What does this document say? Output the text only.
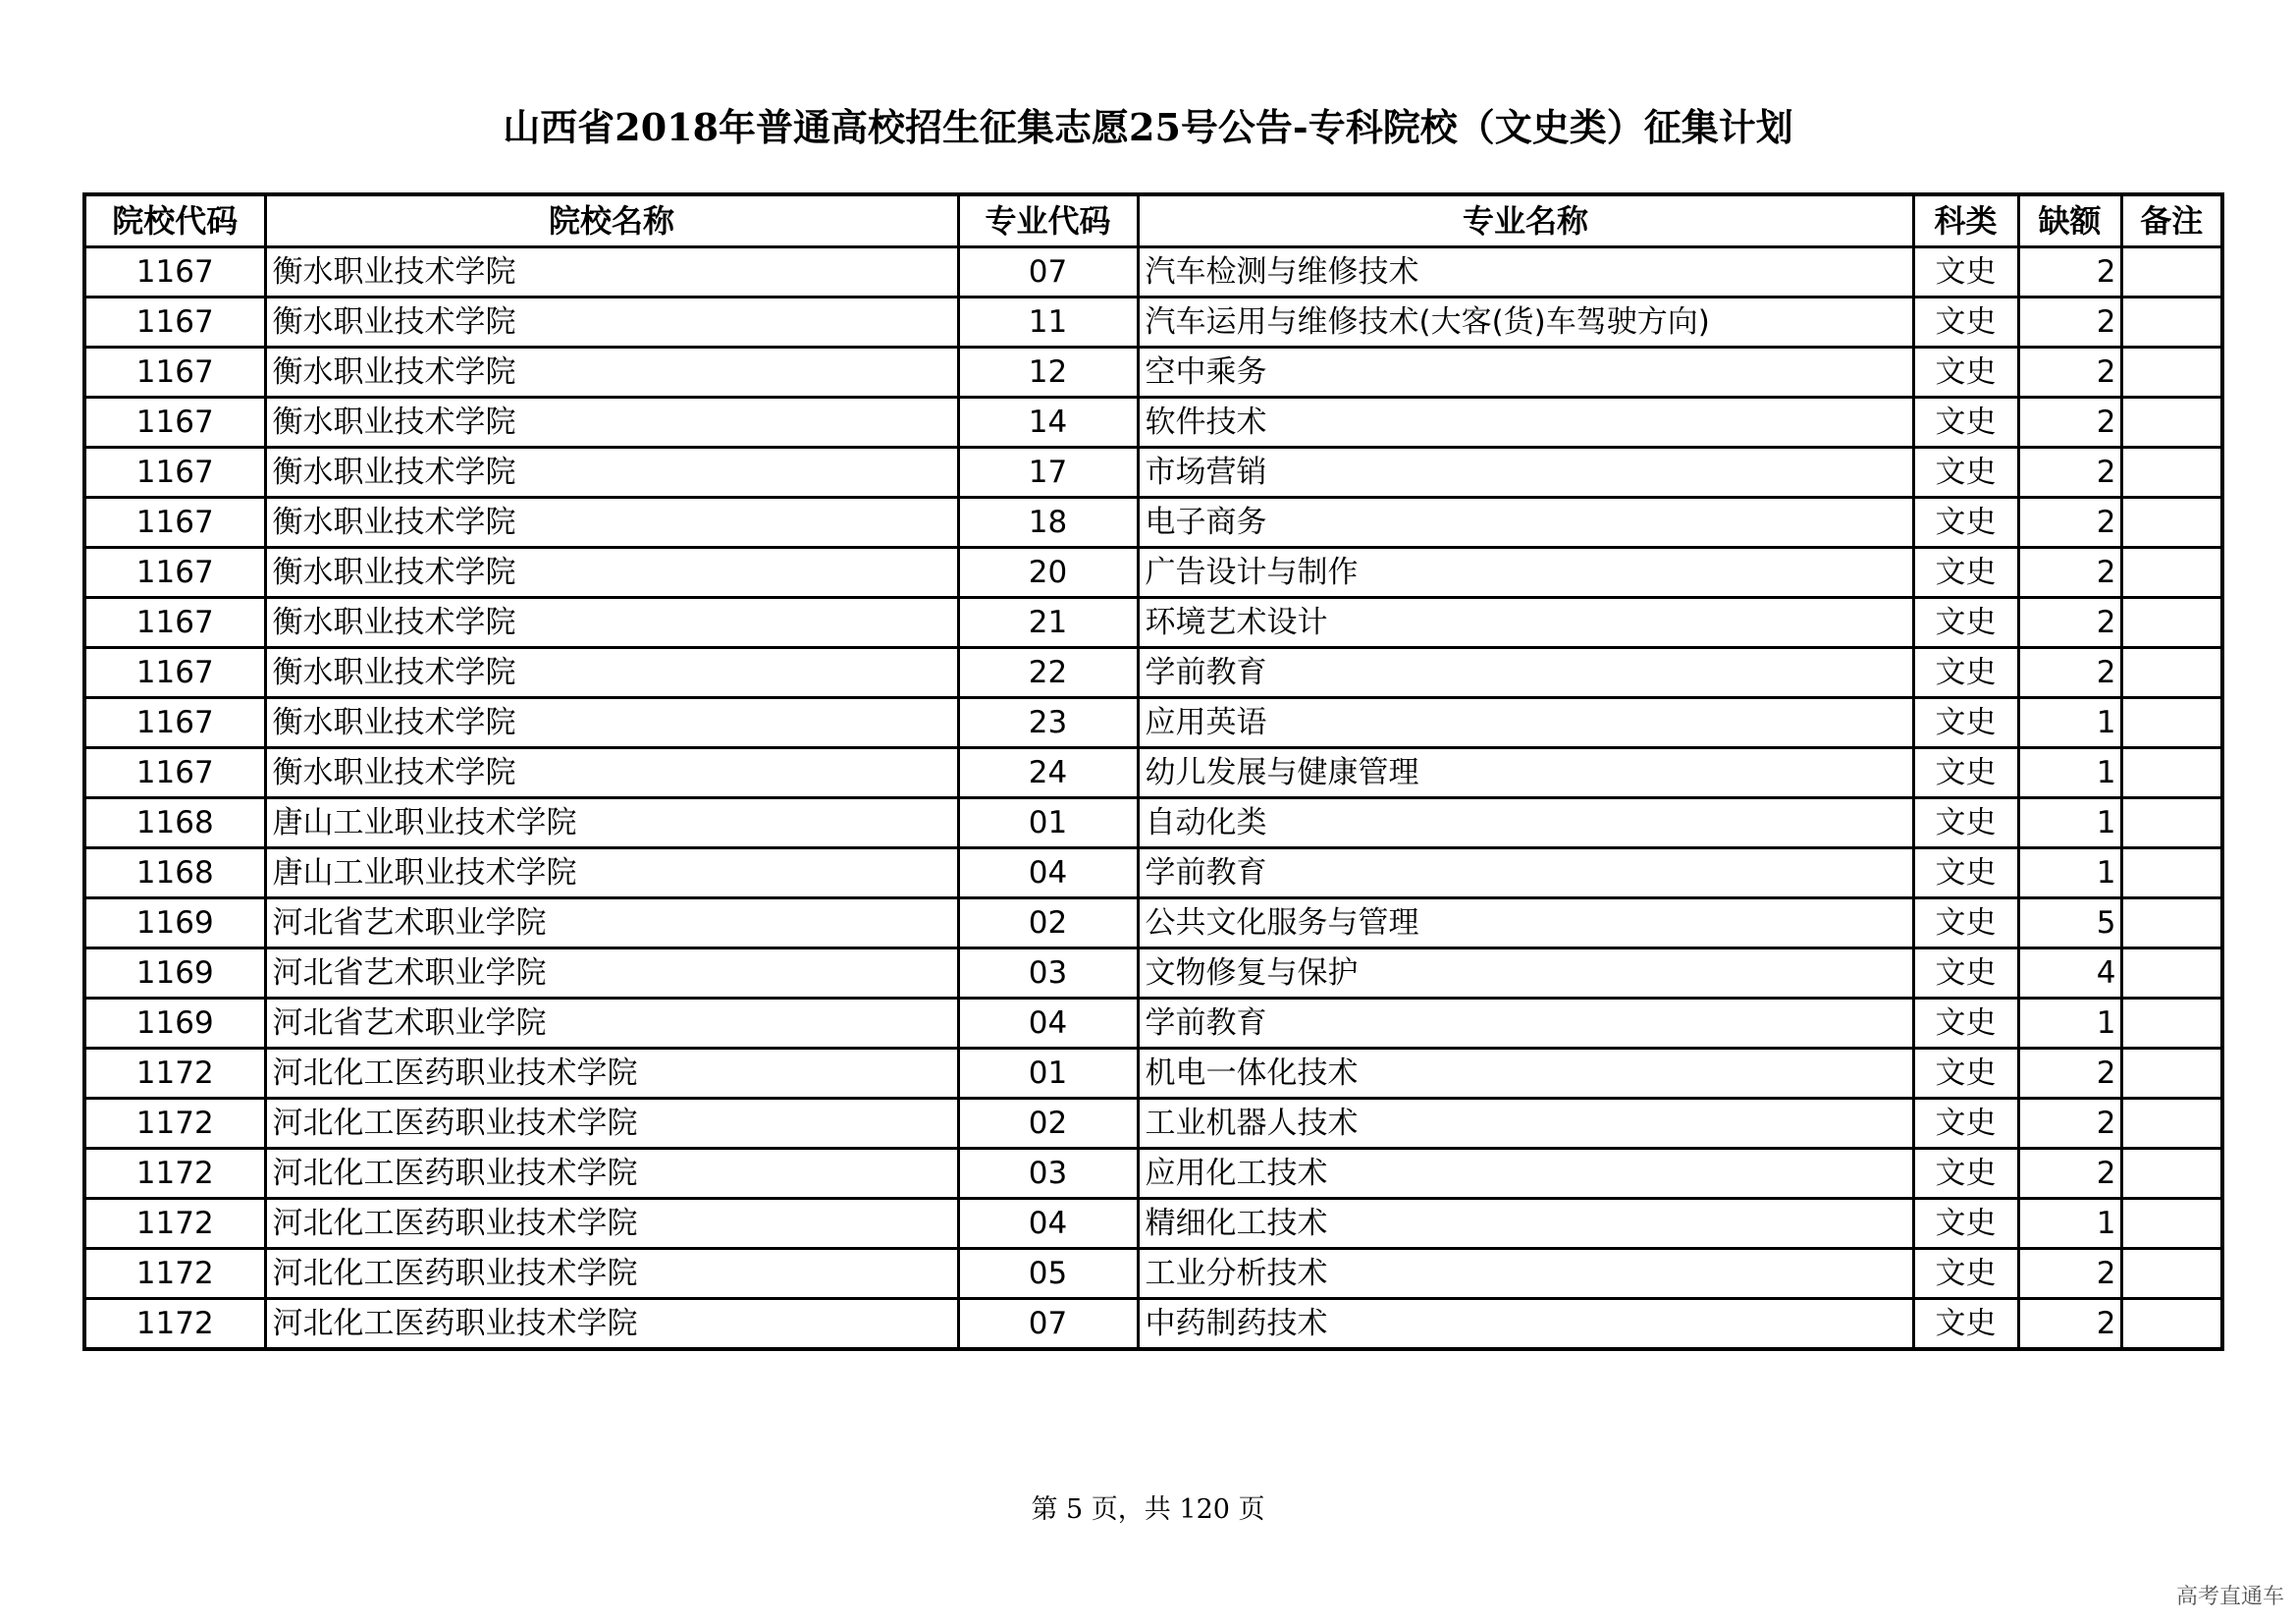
山西省2018年普通高校招生征集志愿25号公告-专科院校（文史类）征集计划
院校代码	院校名称	专业代码	专业名称	科类	缺额	备注
1167	衡水职业技术学院	07	汽车检测与维修技术	文史	2	
1167	衡水职业技术学院	11	汽车运用与维修技术(大客(货)车驾驶方向)	文史	2	
1167	衡水职业技术学院	12	空中乘务	文史	2	
1167	衡水职业技术学院	14	软件技术	文史	2	
1167	衡水职业技术学院	17	市场营销	文史	2	
1167	衡水职业技术学院	18	电子商务	文史	2	
1167	衡水职业技术学院	20	广告设计与制作	文史	2	
1167	衡水职业技术学院	21	环境艺术设计	文史	2	
1167	衡水职业技术学院	22	学前教育	文史	2	
1167	衡水职业技术学院	23	应用英语	文史	1	
1167	衡水职业技术学院	24	幼儿发展与健康管理	文史	1	
1168	唐山工业职业技术学院	01	自动化类	文史	1	
1168	唐山工业职业技术学院	04	学前教育	文史	1	
1169	河北省艺术职业学院	02	公共文化服务与管理	文史	5	
1169	河北省艺术职业学院	03	文物修复与保护	文史	4	
1169	河北省艺术职业学院	04	学前教育	文史	1	
1172	河北化工医药职业技术学院	01	机电一体化技术	文史	2	
1172	河北化工医药职业技术学院	02	工业机器人技术	文史	2	
1172	河北化工医药职业技术学院	03	应用化工技术	文史	2	
1172	河北化工医药职业技术学院	04	精细化工技术	文史	1	
1172	河北化工医药职业技术学院	05	工业分析技术	文史	2	
1172	河北化工医药职业技术学院	07	中药制药技术	文史	2	
第 5 页，共 120 页
高考直通车
